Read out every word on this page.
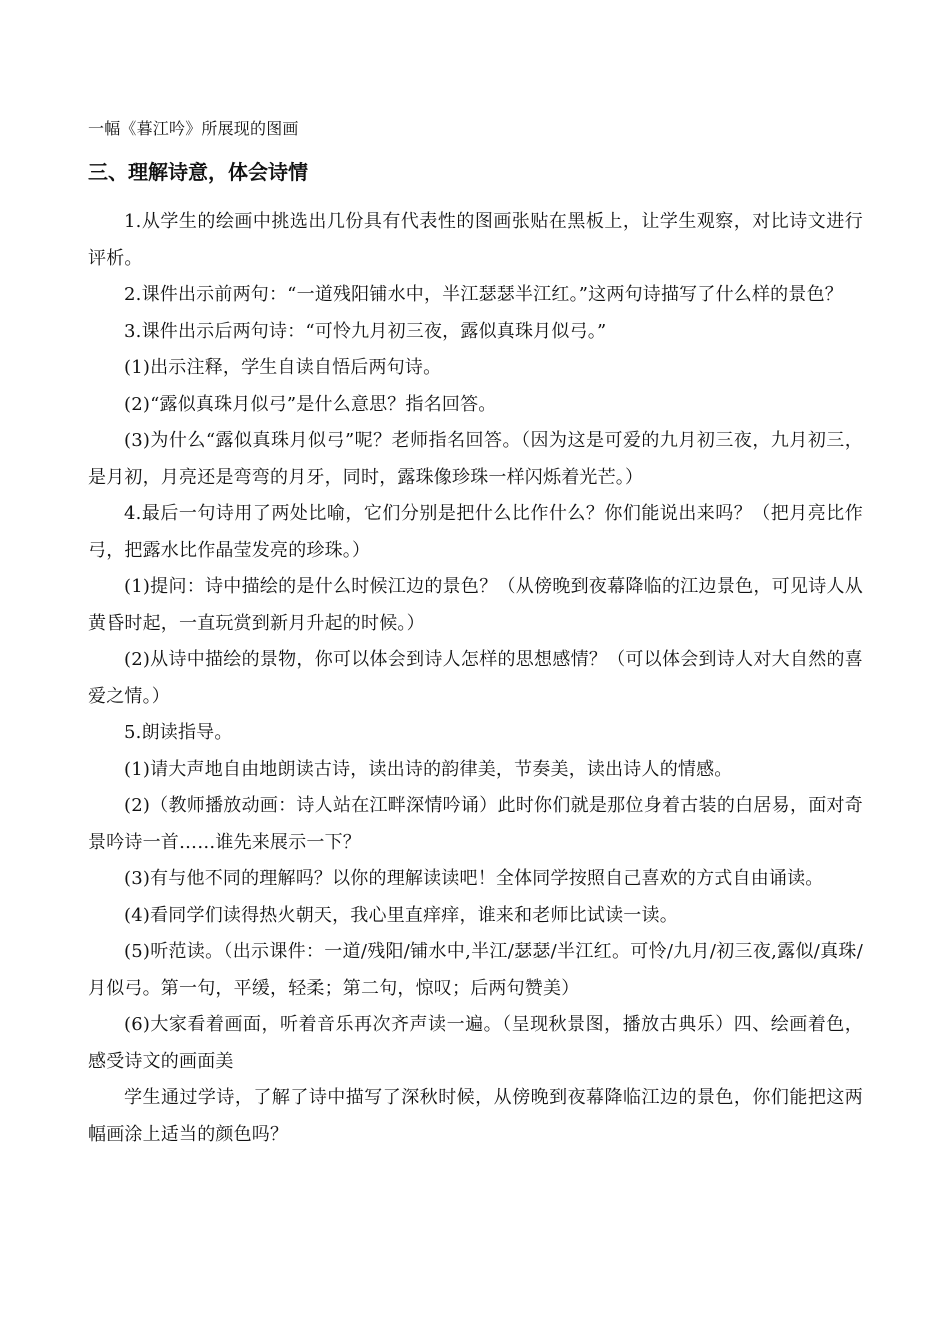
一幅《暮江吟》所展现的图画

三、理解诗意，体会诗情

1.从学生的绘画中挑选出几份具有代表性的图画张贴在黑板上，让学生观察，对比诗文进行评析。

2.课件出示前两句：“一道残阳铺水中，半江瑟瑟半江红。”这两句诗描写了什么样的景色？

3.课件出示后两句诗：“可怜九月初三夜，露似真珠月似弓。”

(1)出示注释，学生自读自悟后两句诗。

(2)“露似真珠月似弓”是什么意思？指名回答。

(3)为什么“露似真珠月似弓”呢？老师指名回答。（因为这是可爱的九月初三夜，九月初三，是月初，月亮还是弯弯的月牙，同时，露珠像珍珠一样闪烁着光芒。）

4.最后一句诗用了两处比喻，它们分别是把什么比作什么？你们能说出来吗？（把月亮比作弓，把露水比作晶莹发亮的珍珠。）

(1)提问：诗中描绘的是什么时候江边的景色？（从傍晚到夜幕降临的江边景色，可见诗人从黄昏时起，一直玩赏到新月升起的时候。）

(2)从诗中描绘的景物，你可以体会到诗人怎样的思想感情？（可以体会到诗人对大自然的喜爱之情。）

5.朗读指导。

(1)请大声地自由地朗读古诗，读出诗的韵律美，节奏美，读出诗人的情感。

(2)（教师播放动画：诗人站在江畔深情吟诵）此时你们就是那位身着古装的白居易，面对奇景吟诗一首……谁先来展示一下？

(3)有与他不同的理解吗？以你的理解读读吧！全体同学按照自己喜欢的方式自由诵读。

(4)看同学们读得热火朝天，我心里直痒痒，谁来和老师比试读一读。

(5)听范读。（出示课件：一道/残阳/铺水中,半江/瑟瑟/半江红。可怜/九月/初三夜,露似/真珠/月似弓。第一句，平缓，轻柔；第二句，惊叹；后两句赞美）

(6)大家看着画面，听着音乐再次齐声读一遍。（呈现秋景图，播放古典乐）四、绘画着色，感受诗文的画面美

学生通过学诗，了解了诗中描写了深秋时候，从傍晚到夜幕降临江边的景色，你们能把这两幅画涂上适当的颜色吗？
